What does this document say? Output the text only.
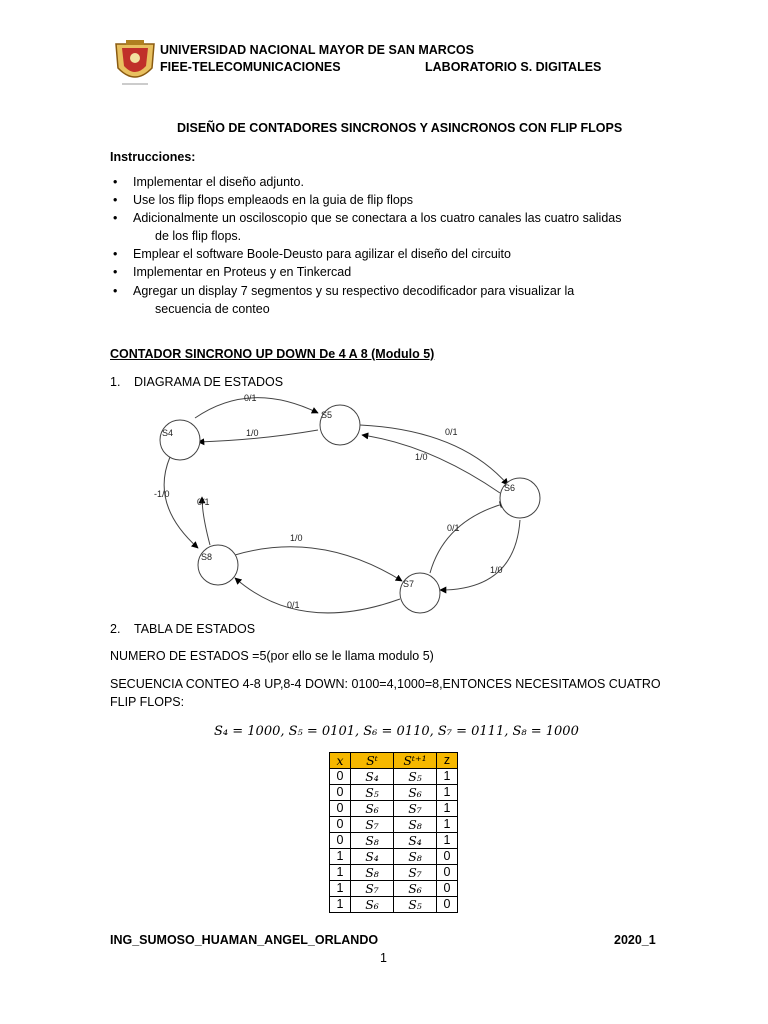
UNIVERSIDAD NACIONAL MAYOR DE SAN MARCOS
FIEE-TELECOMUNICACIONES	LABORATORIO S. DIGITALES
DISEÑO DE CONTADORES SINCRONOS Y ASINCRONOS CON FLIP FLOPS
Instrucciones:
• Implementar el diseño adjunto.
• Use los flip flops empleaods en la guia de flip flops
• Adicionalmente un osciloscopio que se conectara a los cuatro canales las cuatro salidas
de los flip flops.
• Emplear el software Boole-Deusto para agilizar el diseño del circuito
• Implementar en Proteus y en Tinkercad
• Agregar un display 7 segmentos y su respectivo decodificador para visualizar la
secuencia de conteo
CONTADOR SINCRONO UP DOWN De 4 A 8 (Modulo 5)
1. DIAGRAMA DE ESTADOS
S4
S5
S6
S7
S8
0/1
1/0	0/1
1/0
0/1
1/0
0/1
1/0
0/1
-1/0
2. TABLA DE ESTADOS
NUMERO DE ESTADOS =5(por ello se le llama modulo 5)
SECUENCIA CONTEO 4-8 UP,8-4 DOWN: 0100=4,1000=8,ENTONCES NECESITAMOS CUATRO
FLIP FLOPS:
S₄ = 1000, S₅ = 0101, S₆ = 0110, S₇ = 0111, S₈ = 1000
x	Sᵗ	Sᵗ⁺¹	z
0	S₄	S₅	1
0	S₅	S₆	1
0	S₆	S₇	1
0	S₇	S₈	1
0	S₈	S₄	1
1	S₄	S₈	0
1	S₈	S₇	0
1	S₇	S₆	0
1	S₆	S₅	0
ING_SUMOSO_HUAMAN_ANGEL_ORLANDO	2020_1
1
